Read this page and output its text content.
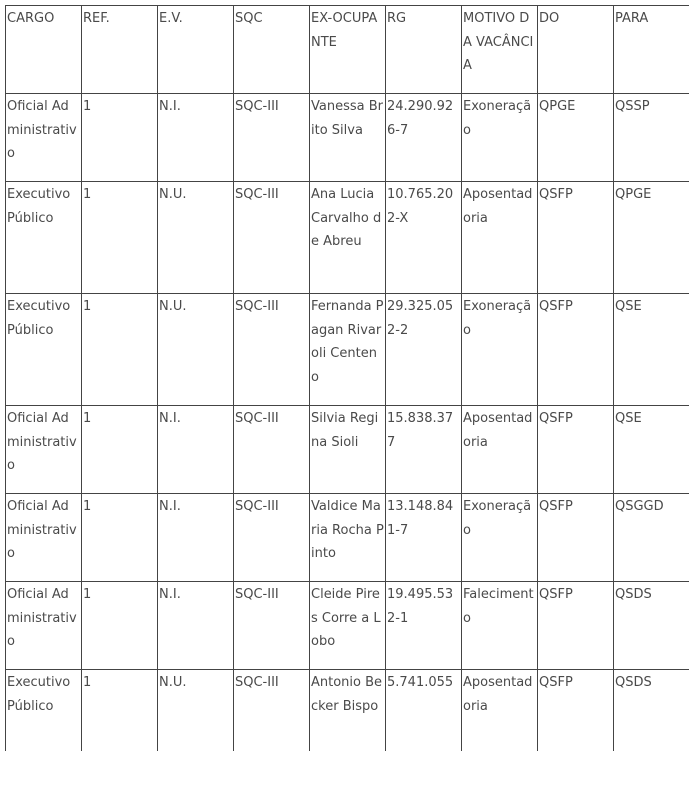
CARGO	REF.	E.V.	SQC	EX-OCUPANTE	RG	MOTIVO DA VACÂNCIA	DO	PARA
Oficial Administrativo	1	N.I.	SQC-III	Vanessa Brito Silva	24.290.926-7	Exoneração	QPGE	QSSP
Executivo Público	1	N.U.	SQC-III	Ana Lucia Carvalho de Abreu	10.765.202-X	Aposentadoria	QSFP	QPGE
Executivo Público	1	N.U.	SQC-III	Fernanda Pagan Rivaroli Centeno	29.325.052-2	Exoneração	QSFP	QSE
Oficial Administrativo	1	N.I.	SQC-III	Silvia Regina Sioli	15.838.377	Aposentadoria	QSFP	QSE
Oficial Administrativo	1	N.I.	SQC-III	Valdice Maria Rocha Pinto	13.148.841-7	Exoneração	QSFP	QSGGD
Oficial Administrativo	1	N.I.	SQC-III	Cleide Pires Corre a Lobo	19.495.532-1	Falecimento	QSFP	QSDS
Executivo Público	1	N.U.	SQC-III	Antonio Becker Bispo	5.741.055	Aposentadoria	QSFP	QSDS
